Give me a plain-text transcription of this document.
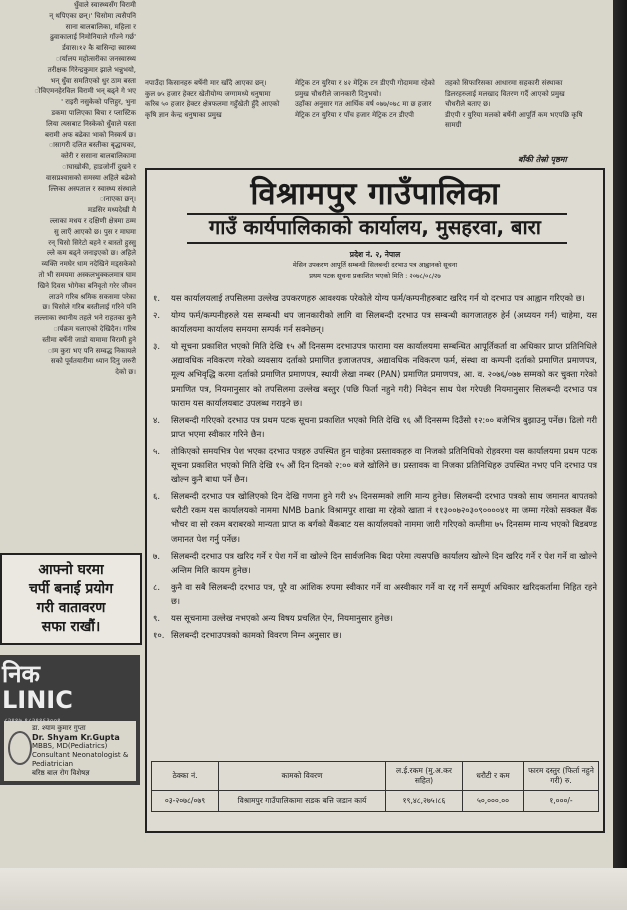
धुँवाले स्वास्थ्यसँग विरामी

न् थपिएका छन्।' चिसोमा त्यसैपनि

साना बालबालिका, महिला र

ढुवाकालाई निमोनियाले गाँज्ने गर्छ'

र्डवास।१२ कै बासिन्दा स्वास्थ्य

ार्यालय महोत्सरीका जनस्वास्थ्य

तरीक्षक गिरेन्द्रकुमार झाले भन्नुभयो,

भन् धुँवा समतिएको धुर ठाम बस्ता

ोविएमनहेरविल विरामी भन् बढ्ने गे भए

' राइरी नसुकेको पत्तिहुर, भुना

डकमा पालिएका बिचा र प्लास्टिक

लिया त्यसबाट निस्केको धुँवाले यस्ता

बरामी अफ बढेका भाको निस्कर्ष छ।

ासागरी दलित बस्तीका बृद्धाचका,

क्तेरी र ससाना बालबालिकामा

ाघाखोकी, हाडजोर्नी दुखने र

वासप्रश्वासको समस्या अहिले बढेको

ल्लिका अस्पताल र स्वास्थ्य संस्थाले

ानाएका छन्।

मडसिर मध्यदेखी मै

ल्लाका मधय र दक्षिणी क्षेत्रमा ठम्म

सु लाएँ आएको छ। पुस र माघमा

रन् चिसो सिरेटो बहने र बास्तो हुस्सु

ल्ले कम बढ्ने जनाइएको छ। अहिले

व्यक्ति नमघेर धाम नदेखिने मड्सकेको

तो भी समयमा अस्कलभुक्कलमात्र घाम

खिने दिवस भोगेका बनिवृतो गरेर जीवन

लाउने गरिब श्रमिक सकसमा परेका

छ। चिसोले गरिब बस्तीलाई गरिने पनि

लल्लाका स्थानीय तहले भने राहतका कुनै

ार्यक्रम चलाएको देखिदैन। गरिब

स्तीमा बर्षेनी जाडो यामामा विरामी हुने

ाम कुरा भए पनि सम्वद्ध निकायले

सको पूर्वतयारीमा ध्यान दिनु जरुरी

देको छ।

आफ्नो घरमा
चर्पी बनाई प्रयोग
गरी वातावरण
सफा राखौं।
निक
LINIC
डा. श्याम कुमार गुप्ता
Dr. Shyam Kr.Gupta
MBBS, MD(Pediatrics)
Consultant Neonatologist & Pediatrician
बरिष्ठ बाल रोग विशेषज्ञ
नपाउँदा किसानहरु बर्षेनी मार खाँदै आएका छन्।
कुल ७५ हजार हेक्टर खेतीयोग्य जग्गामध्ये धनुषामा करिब ५० हजार हेक्टर क्षेत्रफलमा गहुँखेती हुँदै आएको कृषि ज्ञान केन्द्र धनुषाका प्रमुख
मेट्रिक टन युरिया र ४२ मेट्रिक टन डीएपी गोदाममा रहेको प्रमुख चौधरीले जानकारी दिनुभयो।
उहाँका अनुसार गत आर्थिक वर्ष ०७७/०७८ मा छ हजार मेट्रिक टन युरिया र पाँच हजार मेट्रिक टन डीएपी
तहको सिफारिसका आधारमा सहकारी संस्थाका डिलरहरुलाई मलखाद वितरण गर्दै आएको प्रमुख चौधरीले बताए छ।
डीएपी र युरिया मलको बर्षेनी आपूर्ति कम भएपछि कृषि सामग्री
बाँकी तेस्रो पृष्ठमा
विश्रामपुर गाउँपालिका
गाउँ कार्यपालिकाको कार्यालय, मुसहरवा, बारा
प्रदेश नं. २, नेपाल
मेसिन उपकरण आपूर्ति सम्बन्धी सिलबन्दी दरभाउ पत्र आह्वानको सूचना
प्रथम पटक सूचना प्रकाशित भएको मिति : २०७८/०८/२७
१. यस कार्यालयलाई तपसिलमा उल्लेख उपकरणहरु आवश्यक परेकोले योग्य फर्म/कम्पनीहरुबाट खरिद गर्न यो दरभाउ पत्र आह्वान गरिएको छ।
२. योग्य फर्म/कम्पनीहरुले यस सम्बन्धी थप जानकारीको लागि वा सिलबन्दी दरभाउ पत्र सम्बन्धी कागजातहरु हेर्न (अध्ययन गर्न) चाहेमा, यस कार्यालयमा कार्यालय समयमा सम्पर्क गर्न सक्नेछन्।
३. यो सूचना प्रकाशित भएको मिति देखि १५ औं दिनसम्म दरभाउपत्र फारामा यस कार्यालयमा सम्बन्धित आपूर्तिकर्ता वा अधिकार प्राप्त प्रतिनिधिले अद्यावधिक नविकरण गरेको व्यवसाय दर्ताको प्रमाणित इजाजतपत्र, अद्यावधिक नविकरण फर्म, संस्था वा कम्पनी दर्ताको प्रमाणित प्रमाणपत्र, मूल्य अभिवृद्धि करमा दर्ताको प्रमाणित प्रमाणपत्र, स्थायी लेखा नम्बर (PAN) प्रमाणित प्रमाणपत्र, आ. व. २०७६/०७७ सम्मको कर चुक्ता गरेको प्रमाणित पत्र, नियमानुसार को तपसिलमा उल्लेख बस्तुर (पछि फिर्ता नहुने गरी) निवेदन साथ पेश गरेपछी नियमानुसार सिलबन्दी दरभाउ पत्र फाराम यस कार्यालयबाट उपलब्ध गराइने छ।
४. सिलबन्दी गरिएको दरभाउ पत्र प्रथम पटक सूचना प्रकाशित भएको मिति देखि १६ औं दिनसम्म दिउँसो १२:०० बजेभित्र बुझाउनु पर्नेछ। ढिलो गरी प्राप्त भएमा स्वीकार गरिने छैन।
५. तोकिएको समयभित्र पेश भएका दरभाउ पत्रहरु उपस्थित हुन चाहेका प्रस्तावकहरु वा निजको प्रतिनिधिको रोहवरमा यस कार्यालयमा प्रथम पटक सूचना प्रकाशित भएको मिति देखि १५ औं दिन दिनको २:०० बजे खोलिने छ। प्रस्तावक वा निजका प्रतिनिधिहरु उपस्थित नभए पनि दरभाउ पत्र खोल्न कुनै बाधा पर्ने छैन।
६. सिलबन्दी दरभाउ पत्र खोलिएको दिन देखि गणना हुने गरी ४५ दिनसम्मको लागि मान्य हुनेछ। सिलबन्दी दरभाउ पत्रको साथ जमानत बापतको धरौटी रकम यस कार्यालयको नाममा NMB bank विश्रामपुर शाखा मा रहेको खाता नं ११३००७२०३०९००००४१ मा जम्मा गरेको सक्कल बैंक भौचर वा सो रकम बराबरको मान्यता प्राप्त क बर्गको बैंकबाट यस कार्यालयको नाममा जारी गरिएको कम्तीमा ७५ दिनसम्म मान्य भएको बिडबण्ड जमानत पेश गर्नु पर्नेछ।
७. सिलबन्दी दरभाउ पत्र खरिद गर्ने र पेश गर्ने वा खोल्ने दिन सार्वजनिक बिदा परेमा त्यसपछि कार्यालय खोल्ने दिन खरिद गर्ने र पेश गर्ने वा खोल्ने अन्तिम मिति कायम हुनेछ।
८. कुनै वा सबै सिलबन्दी दरभाउ पत्र, पूरै वा आंशिक रुपमा स्वीकार गर्ने वा अस्वीकार गर्ने वा रद्द गर्ने सम्पूर्ण अधिकार खरिदकर्तामा निहित रहने छ।
९. यस सूचनामा उल्लेख नभएको अन्य विषय प्रचलित ऐन, नियमानुसार हुनेछ।
१०. सिलबन्दी दरभाउपत्रको कामको विवरण निम्न अनुसार छ।
ठेक्का नं.	कामको विवरण	ल.ई.रकम (मु.अ.कर सहित)	धरौटी र कम	फारम दस्तुर (फिर्ता नहुने गरी) रु.
०३-२०७८/०७९	विश्रामपुर गाउँपालिकामा सडक बत्ति जडान कार्य	१९,४८,२७५।८६	५०,०००.००	१,०००/-
